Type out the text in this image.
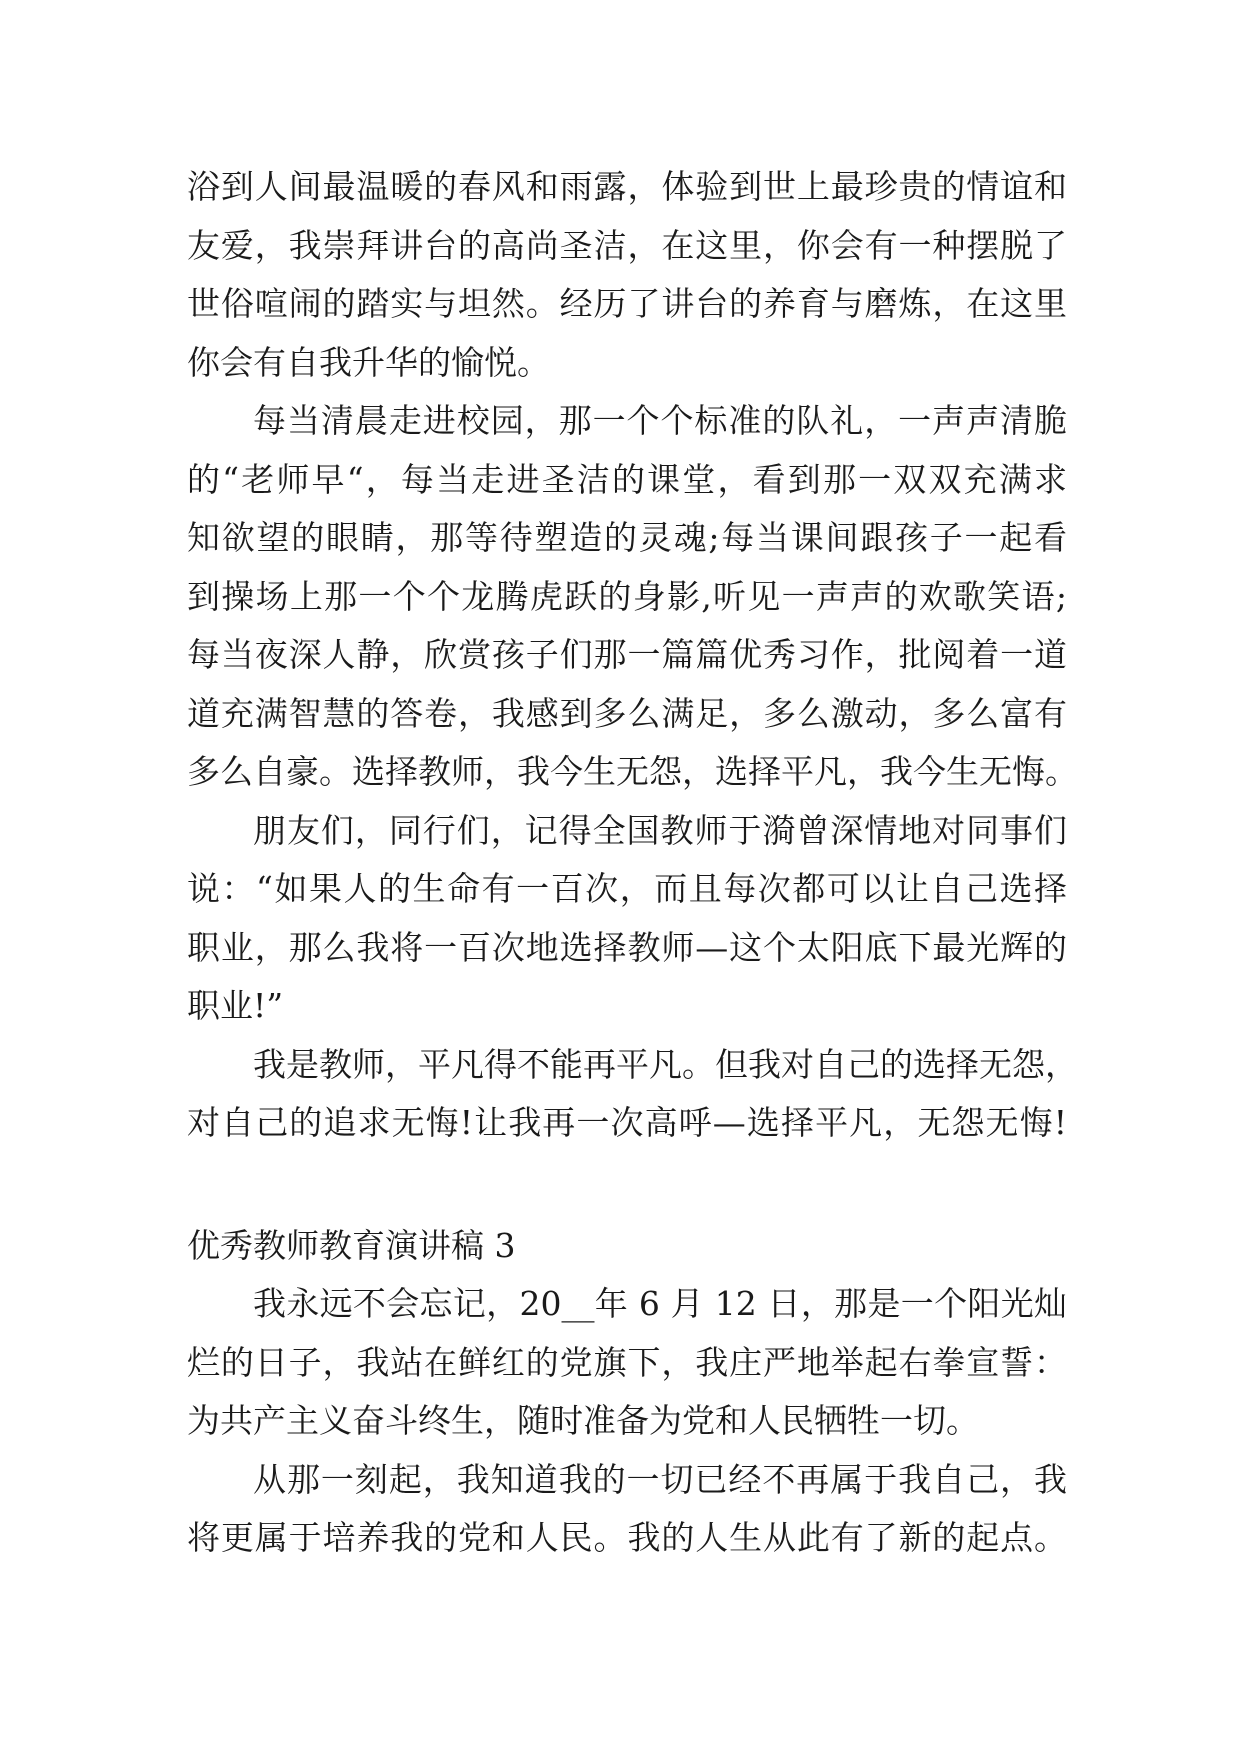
浴到人间最温暖的春风和雨露，体验到世上最珍贵的情谊和
友爱，我崇拜讲台的高尚圣洁，在这里，你会有一种摆脱了
世俗喧闹的踏实与坦然。经历了讲台的养育与磨炼，在这里
你会有自我升华的愉悦。
每当清晨走进校园，那一个个标准的队礼，一声声清脆
的“老师早“，每当走进圣洁的课堂，看到那一双双充满求
知欲望的眼睛，那等待塑造的灵魂;每当课间跟孩子一起看
到操场上那一个个龙腾虎跃的身影,听见一声声的欢歌笑语;
每当夜深人静，欣赏孩子们那一篇篇优秀习作，批阅着一道
道充满智慧的答卷，我感到多么满足，多么激动，多么富有
多么自豪。选择教师，我今生无怨，选择平凡，我今生无悔。
朋友们，同行们，记得全国教师于漪曾深情地对同事们
说：“如果人的生命有一百次，而且每次都可以让自己选择
职业，那么我将一百次地选择教师—这个太阳底下最光辉的
职业!”
我是教师，平凡得不能再平凡。但我对自己的选择无怨，
对自己的追求无悔!让我再一次高呼—选择平凡，无怨无悔!
优秀教师教育演讲稿 3
我永远不会忘记，20__年 6 月 12 日，那是一个阳光灿
烂的日子，我站在鲜红的党旗下，我庄严地举起右拳宣誓：
为共产主义奋斗终生，随时准备为党和人民牺牲一切。
从那一刻起，我知道我的一切已经不再属于我自己，我
将更属于培养我的党和人民。我的人生从此有了新的起点。
